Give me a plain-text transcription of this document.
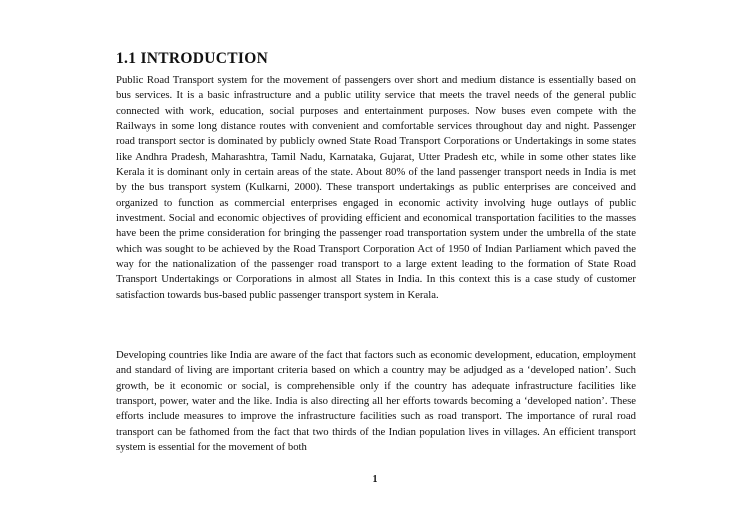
1.1 INTRODUCTION

Public Road Transport system for the movement of passengers over short and medium distance is essentially based on bus services. It is a basic infrastructure and a public utility service that meets the travel needs of the general public connected with work, education, social purposes and entertainment purposes. Now buses even compete with the Railways in some long distance routes with convenient and comfortable services throughout day and night. Passenger road transport sector is dominated by publicly owned State Road Transport Corporations or Undertakings in some states like Andhra Pradesh, Maharashtra, Tamil Nadu, Karnataka, Gujarat, Utter Pradesh etc, while in some other states like Kerala it is dominant only in certain areas of the state. About 80% of the land passenger transport needs in India is met by the bus transport system (Kulkarni, 2000). These transport undertakings as public enterprises are conceived and organized to function as commercial enterprises engaged in economic activity involving huge outlays of public investment. Social and economic objectives of providing efficient and economical transportation facilities to the masses have been the prime consideration for bringing the passenger road transportation system under the umbrella of the state which was sought to be achieved by the Road Transport Corporation Act of 1950 of Indian Parliament which paved the way for the nationalization of the passenger road transport to a large extent leading to the formation of State Road Transport Undertakings or Corporations in almost all States in India. In this context this is a case study of customer satisfaction towards bus-based public passenger transport system in Kerala.

Developing countries like India are aware of the fact that factors such as economic development, education, employment and standard of living are important criteria based on which a country may be adjudged as a ‘developed nation’. Such growth, be it economic or social, is comprehensible only if the country has adequate infrastructure facilities like transport, power, water and the like. India is also directing all her efforts towards becoming a ‘developed nation’. These efforts include measures to improve the infrastructure facilities such as road transport. The importance of rural road transport can be fathomed from the fact that two thirds of the Indian population lives in villages. An efficient transport system is essential for the movement of both

1
